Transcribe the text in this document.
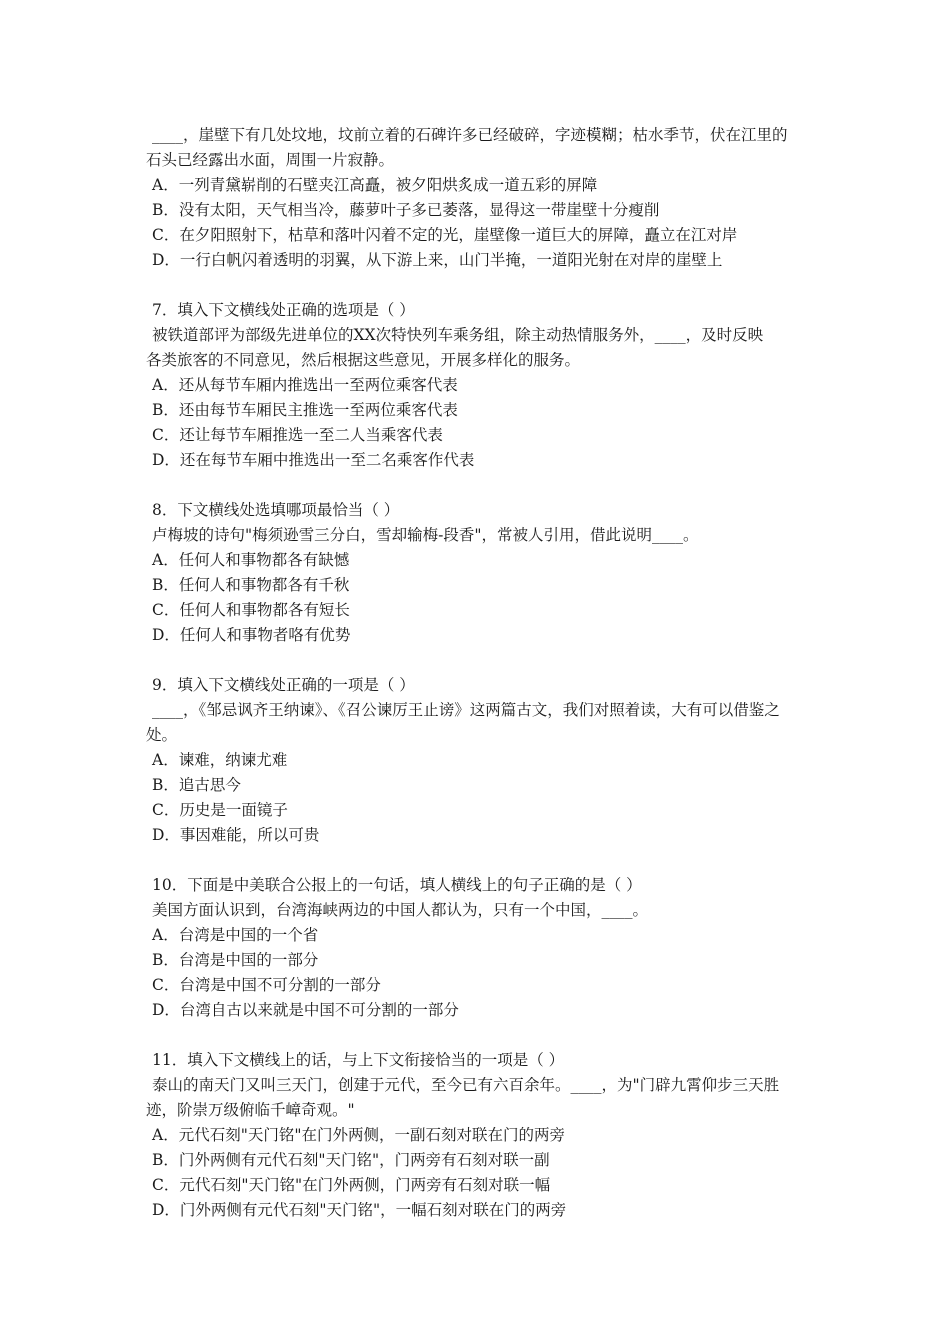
____，崖壁下有几处坟地，坟前立着的石碑许多已经破碎，字迹模糊；枯水季节，伏在江里的

石头已经露出水面，周围一片寂静。

A．一列青黛崭削的石壁夹江高矗，被夕阳烘炙成一道五彩的屏障

B．没有太阳，天气相当冷，藤萝叶子多已萎落，显得这一带崖壁十分瘦削

C．在夕阳照射下，枯草和落叶闪着不定的光，崖壁像一道巨大的屏障，矗立在江对岸

D．一行白帆闪着透明的羽翼，从下游上来，山门半掩，一道阳光射在对岸的崖壁上

7．填入下文横线处正确的选项是（ ）

被铁道部评为部级先进单位的XX次特快列车乘务组，除主动热情服务外，____，及时反映

各类旅客的不同意见，然后根据这些意见，开展多样化的服务。

A．还从每节车厢内推选出一至两位乘客代表

B．还由每节车厢民主推选一至两位乘客代表

C．还让每节车厢推选一至二人当乘客代表

D．还在每节车厢中推选出一至二名乘客作代表

8．下文横线处选填哪项最恰当（ ）

卢梅坡的诗句"梅须逊雪三分白，雪却输梅-段香"，常被人引用，借此说明____。

A．任何人和事物都各有缺憾

B．任何人和事物都各有千秋

C．任何人和事物都各有短长

D．任何人和事物者咯有优势

9．填入下文横线处正确的一项是（ ）

____，《邹忌讽齐王纳谏》、《召公谏厉王止谤》这两篇古文，我们对照着读，大有可以借鉴之

处。

A．谏难，纳谏尤难

B．追古思今

C．历史是一面镜子

D．事因难能，所以可贵

10．下面是中美联合公报上的一句话，填人横线上的句子正确的是（ ）

美国方面认识到，台湾海峡两边的中国人都认为，只有一个中国，____。

A．台湾是中国的一个省

B．台湾是中国的一部分

C．台湾是中国不可分割的一部分

D．台湾自古以来就是中国不可分割的一部分

11．填入下文横线上的话，与上下文衔接恰当的一项是（ ）

泰山的南天门又叫三天门，创建于元代，至今已有六百余年。____，为"门辟九霄仰步三天胜

迹，阶崇万级俯临千嶂奇观。"

A．元代石刻"天门铭"在门外两侧，一副石刻对联在门的两旁

B．门外两侧有元代石刻"天门铭"，门两旁有石刻对联一副

C．元代石刻"天门铭"在门外两侧，门两旁有石刻对联一幅

D．门外两侧有元代石刻"天门铭"，一幅石刻对联在门的两旁
